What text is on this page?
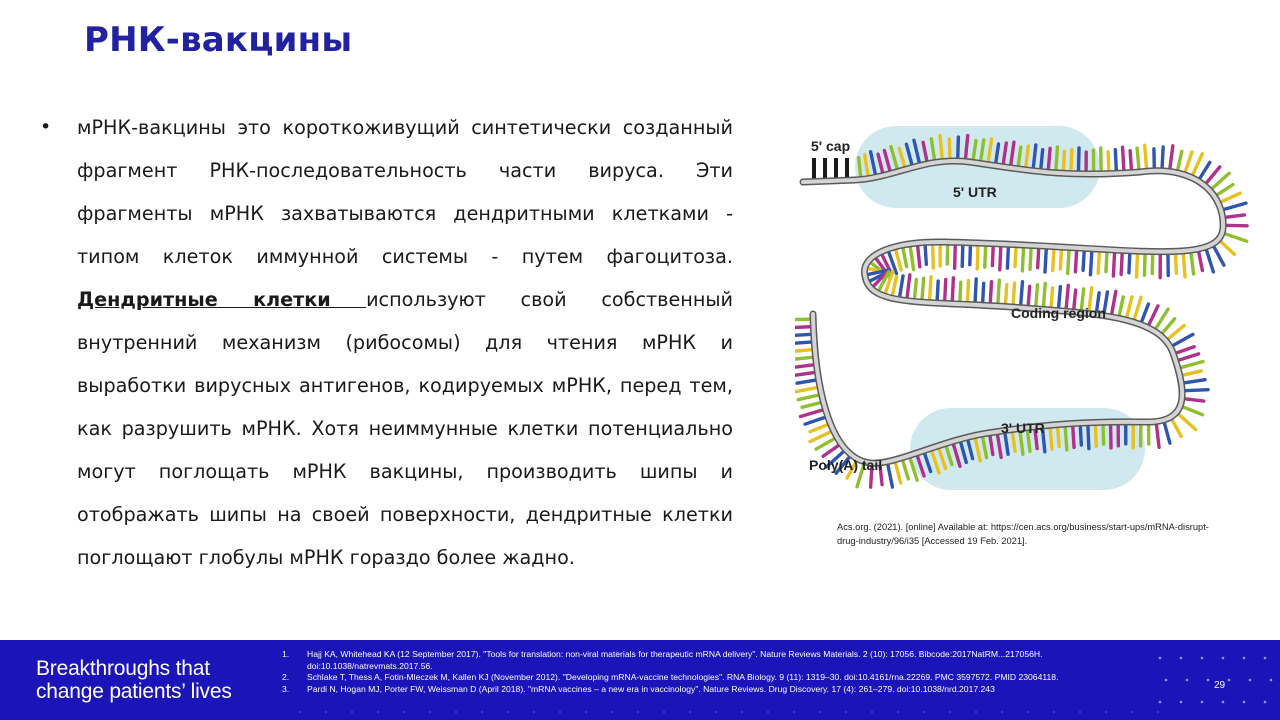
РНК-вакцины
• мРНК-вакцины это короткоживущий синтетически созданный фрагмент РНК-последовательность части вируса. Эти фрагменты мРНК захватываются дендритными клетками - типом клеток иммунной системы - путем фагоцитоза. Дендритные клетки используют свой собственный внутренний механизм (рибосомы) для чтения мРНК и выработки вирусных антигенов, кодируемых мРНК, перед тем, как разрушить мРНК. Хотя неиммунные клетки потенциально могут поглощать мРНК вакцины, производить шипы и отображать шипы на своей поверхности, дендритные клетки поглощают глобулы мРНК гораздо более жадно.
5' cap
5' UTR
Coding region
3' UTR
Poly(A) tail
Acs.org. (2021). [online] Available at: https://cen.acs.org/business/start-ups/mRNA-disrupt-drug-industry/96/i35 [Accessed 19 Feb. 2021].
Breakthroughs that
change patients’ lives
1.	Hajj KA, Whitehead KA (12 September 2017). "Tools for translation: non-viral materials for therapeutic mRNA delivery". Nature Reviews Materials. 2 (10): 17056. Bibcode:2017NatRM...217056H. doi:10.1038/natrevmats.2017.56.
2.	Schlake T, Thess A, Fotin-Mleczek M, Kallen KJ (November 2012). "Developing mRNA-vaccine technologies". RNA Biology. 9 (11): 1319–30. doi:10.4161/rna.22269. PMC 3597572. PMID 23064118.
3.	Pardi N, Hogan MJ, Porter FW, Weissman D (April 2018). "mRNA vaccines – a new era in vaccinology". Nature Reviews. Drug Discovery. 17 (4): 261–279. doi:10.1038/nrd.2017.243	29
